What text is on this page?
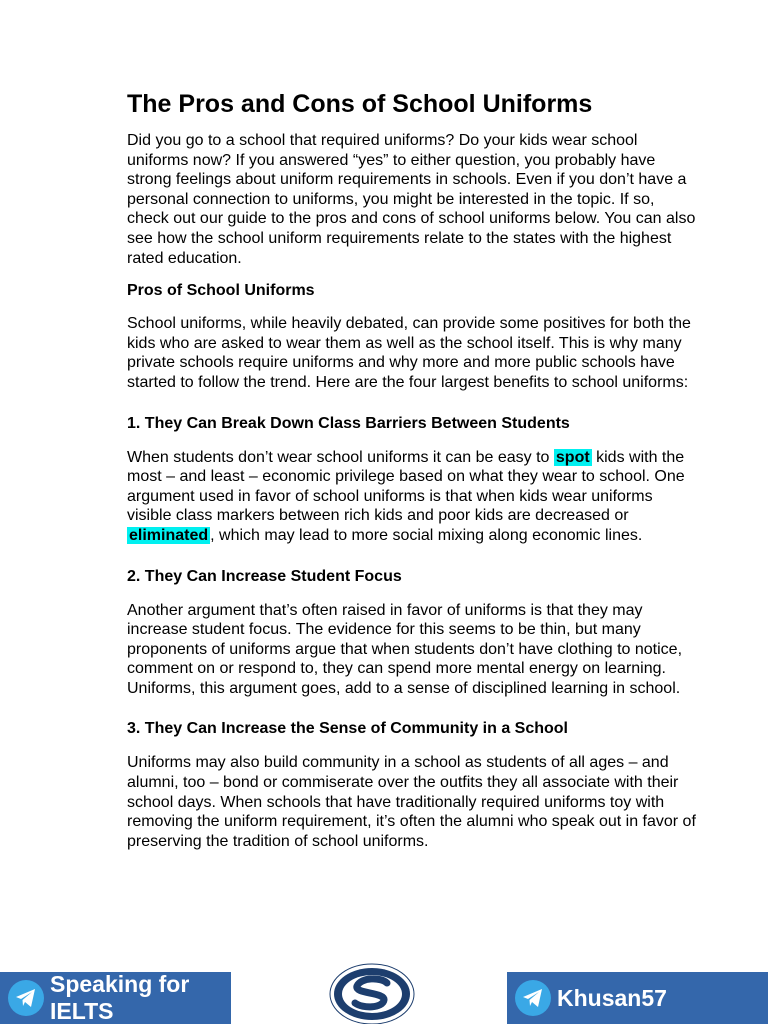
The Pros and Cons of School Uniforms

Did you go to a school that required uniforms? Do your kids wear school uniforms now? If you answered “yes” to either question, you probably have strong feelings about uniform requirements in schools. Even if you don’t have a personal connection to uniforms, you might be interested in the topic. If so, check out our guide to the pros and cons of school uniforms below. You can also see how the school uniform requirements relate to the states with the highest rated education.

Pros of School Uniforms

School uniforms, while heavily debated, can provide some positives for both the kids who are asked to wear them as well as the school itself. This is why many private schools require uniforms and why more and more public schools have started to follow the trend. Here are the four largest benefits to school uniforms:

1. They Can Break Down Class Barriers Between Students

When students don’t wear school uniforms it can be easy to spot kids with the most – and least – economic privilege based on what they wear to school. One argument used in favor of school uniforms is that when kids wear uniforms visible class markers between rich kids and poor kids are decreased or eliminated , which may lead to more social mixing along economic lines.

2. They Can Increase Student Focus

Another argument that’s often raised in favor of uniforms is that they may increase student focus. The evidence for this seems to be thin, but many proponents of uniforms argue that when students don’t have clothing to notice, comment on or respond to, they can spend more mental energy on learning. Uniforms, this argument goes, add to a sense of disciplined learning in school.

3. They Can Increase the Sense of Community in a School

Uniforms may also build community in a school as students of all ages – and alumni, too – bond or commiserate over the outfits they all associate with their school days. When schools that have traditionally required uniforms toy with removing the uniform requirement, it’s often the alumni who speak out in favor of preserving the tradition of school uniforms.

Speaking for IELTS
Khusan57
